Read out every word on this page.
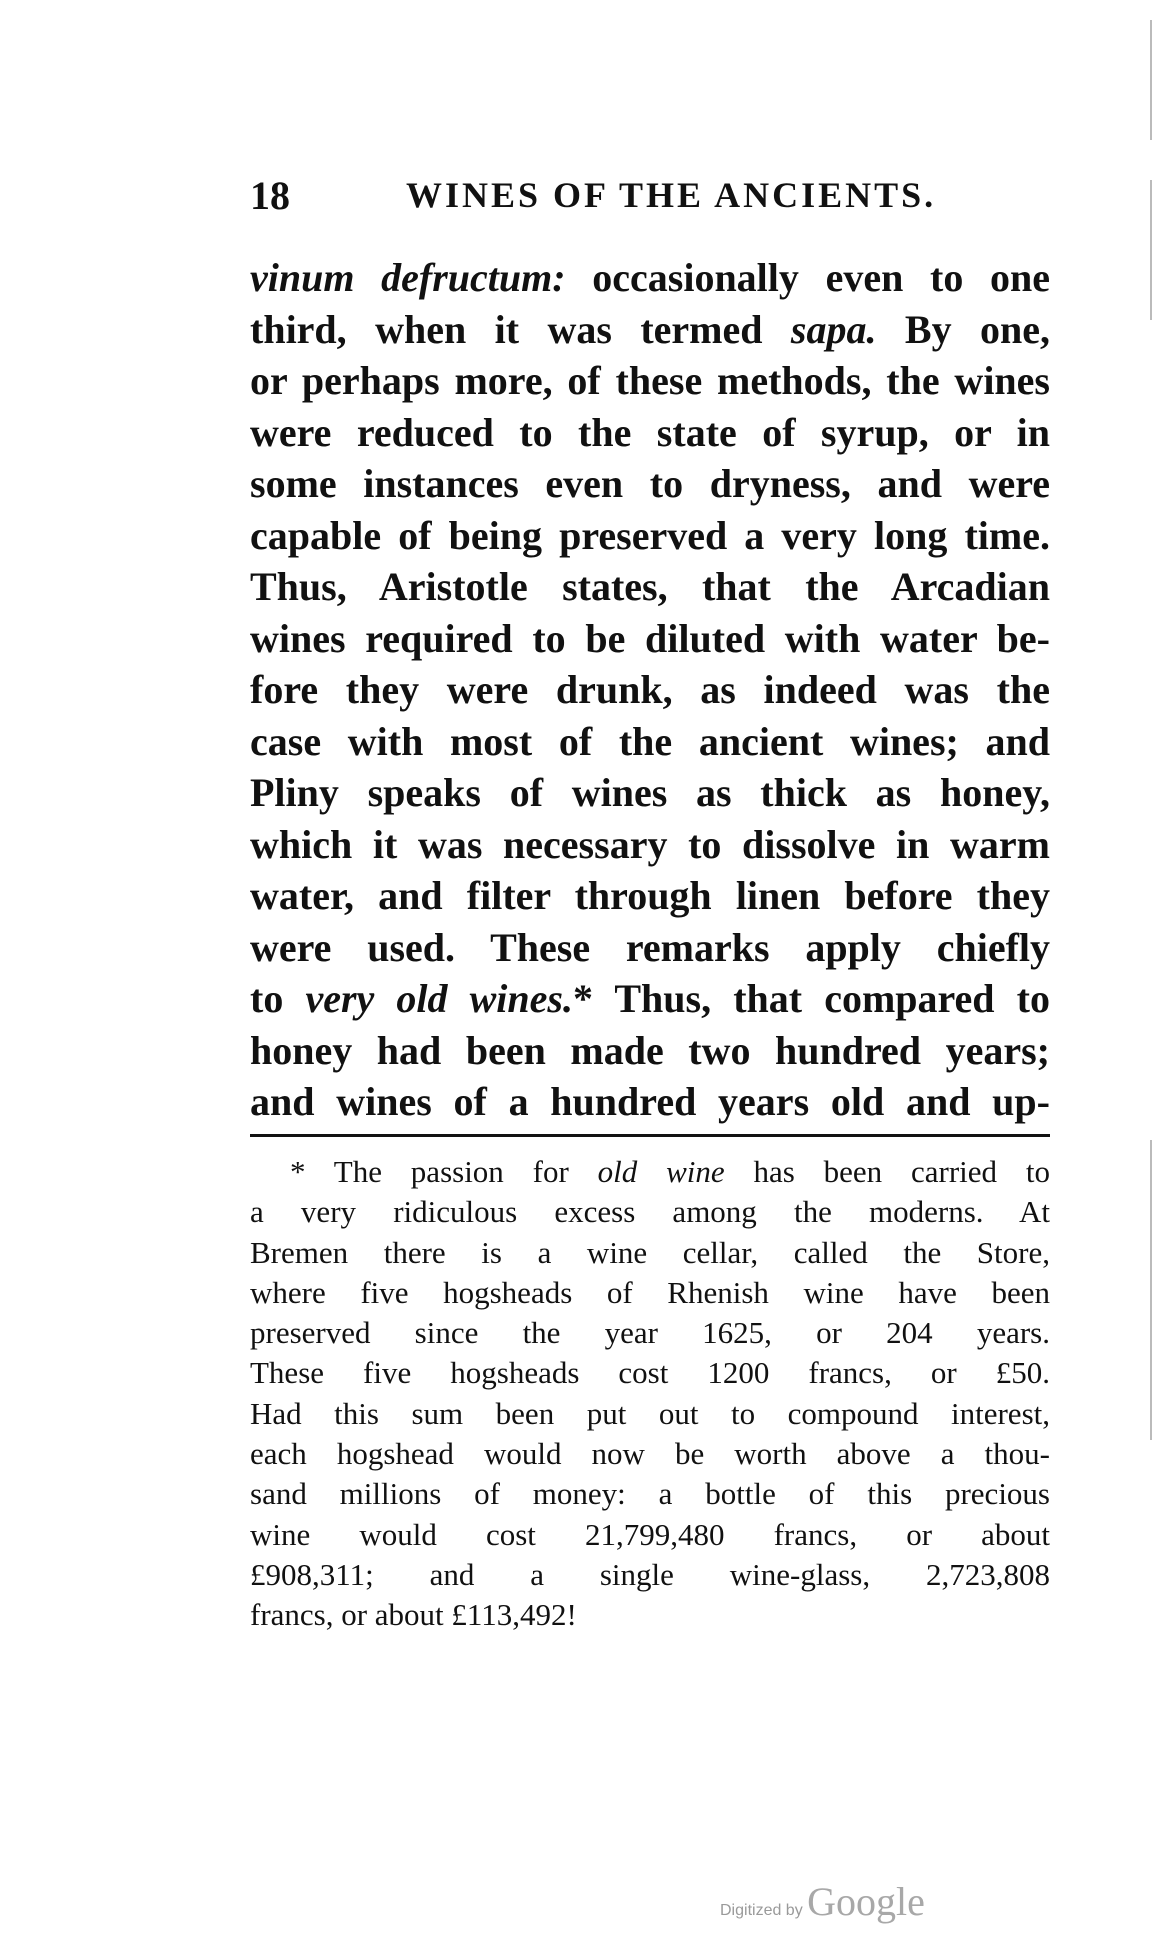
18	WINES OF THE ANCIENTS.
vinum defructum: occasionally even to one
third, when it was termed sapa. By one,
or perhaps more, of these methods, the wines
were reduced to the state of syrup, or in
some instances even to dryness, and were
capable of being preserved a very long time.
Thus, Aristotle states, that the Arcadian
wines required to be diluted with water be-
fore they were drunk, as indeed was the
case with most of the ancient wines; and
Pliny speaks of wines as thick as honey,
which it was necessary to dissolve in warm
water, and filter through linen before they
were used. These remarks apply chiefly
to very old wines.* Thus, that compared to
honey had been made two hundred years;
and wines of a hundred years old and up-
* The passion for old wine has been carried to
a very ridiculous excess among the moderns. At
Bremen there is a wine cellar, called the Store,
where five hogsheads of Rhenish wine have been
preserved since the year 1625, or 204 years.
These five hogsheads cost 1200 francs, or £50.
Had this sum been put out to compound interest,
each hogshead would now be worth above a thou-
sand millions of money: a bottle of this precious
wine would cost 21,799,480 francs, or about
£908,311; and a single wine-glass, 2,723,808
francs, or about £113,492!
Digitized by Google
